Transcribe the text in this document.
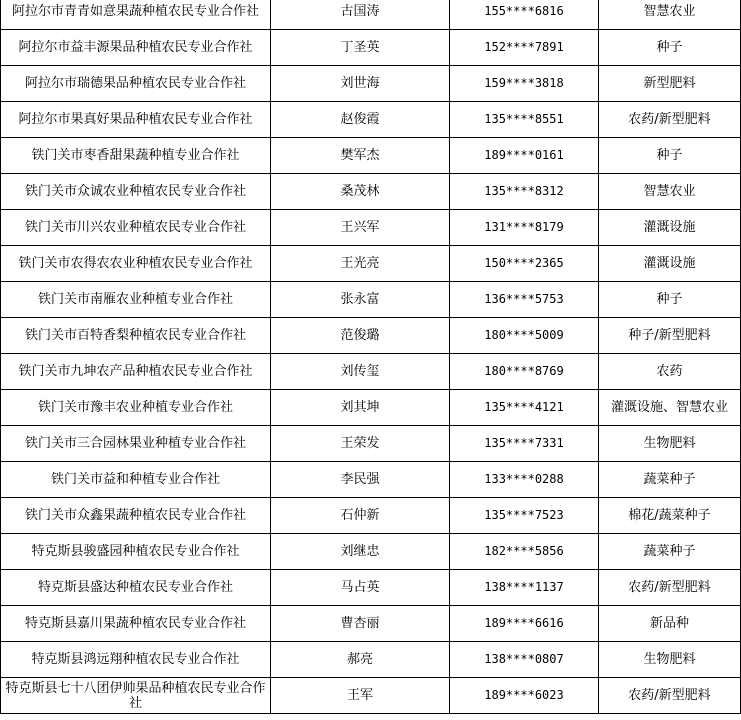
阿拉尔市青青如意果蔬种植农民专业合作社	古国涛	155****6816	智慧农业
阿拉尔市益丰源果品种植农民专业合作社	丁圣英	152****7891	种子
阿拉尔市瑞德果品种植农民专业合作社	刘世海	159****3818	新型肥料
阿拉尔市果真好果品种植农民专业合作社	赵俊霞	135****8551	农药/新型肥料
铁门关市枣香甜果蔬种植专业合作社	樊军杰	189****0161	种子
铁门关市众诚农业种植农民专业合作社	桑茂林	135****8312	智慧农业
铁门关市川兴农业种植农民专业合作社	王兴军	131****8179	灌溉设施
铁门关市农得农农业种植农民专业合作社	王光亮	150****2365	灌溉设施
铁门关市南雁农业种植专业合作社	张永富	136****5753	种子
铁门关市百特香梨种植农民专业合作社	范俊璐	180****5009	种子/新型肥料
铁门关市九坤农产品种植农民专业合作社	刘传玺	180****8769	农药
铁门关市豫丰农业种植专业合作社	刘其坤	135****4121	灌溉设施、智慧农业
铁门关市三合园林果业种植专业合作社	王荣发	135****7331	生物肥料
铁门关市益和种植专业合作社	李民强	133****0288	蔬菜种子
铁门关市众鑫果蔬种植农民专业合作社	石仲新	135****7523	棉花/蔬菜种子
特克斯县骏盛园种植农民专业合作社	刘继忠	182****5856	蔬菜种子
特克斯县盛达种植农民专业合作社	马占英	138****1137	农药/新型肥料
特克斯县嘉川果蔬种植农民专业合作社	曹杏丽	189****6616	新品种
特克斯县鸿远翔种植农民专业合作社	郝亮	138****0807	生物肥料
特克斯县七十八团伊帅果品种植农民专业合作社	王军	189****6023	农药/新型肥料
